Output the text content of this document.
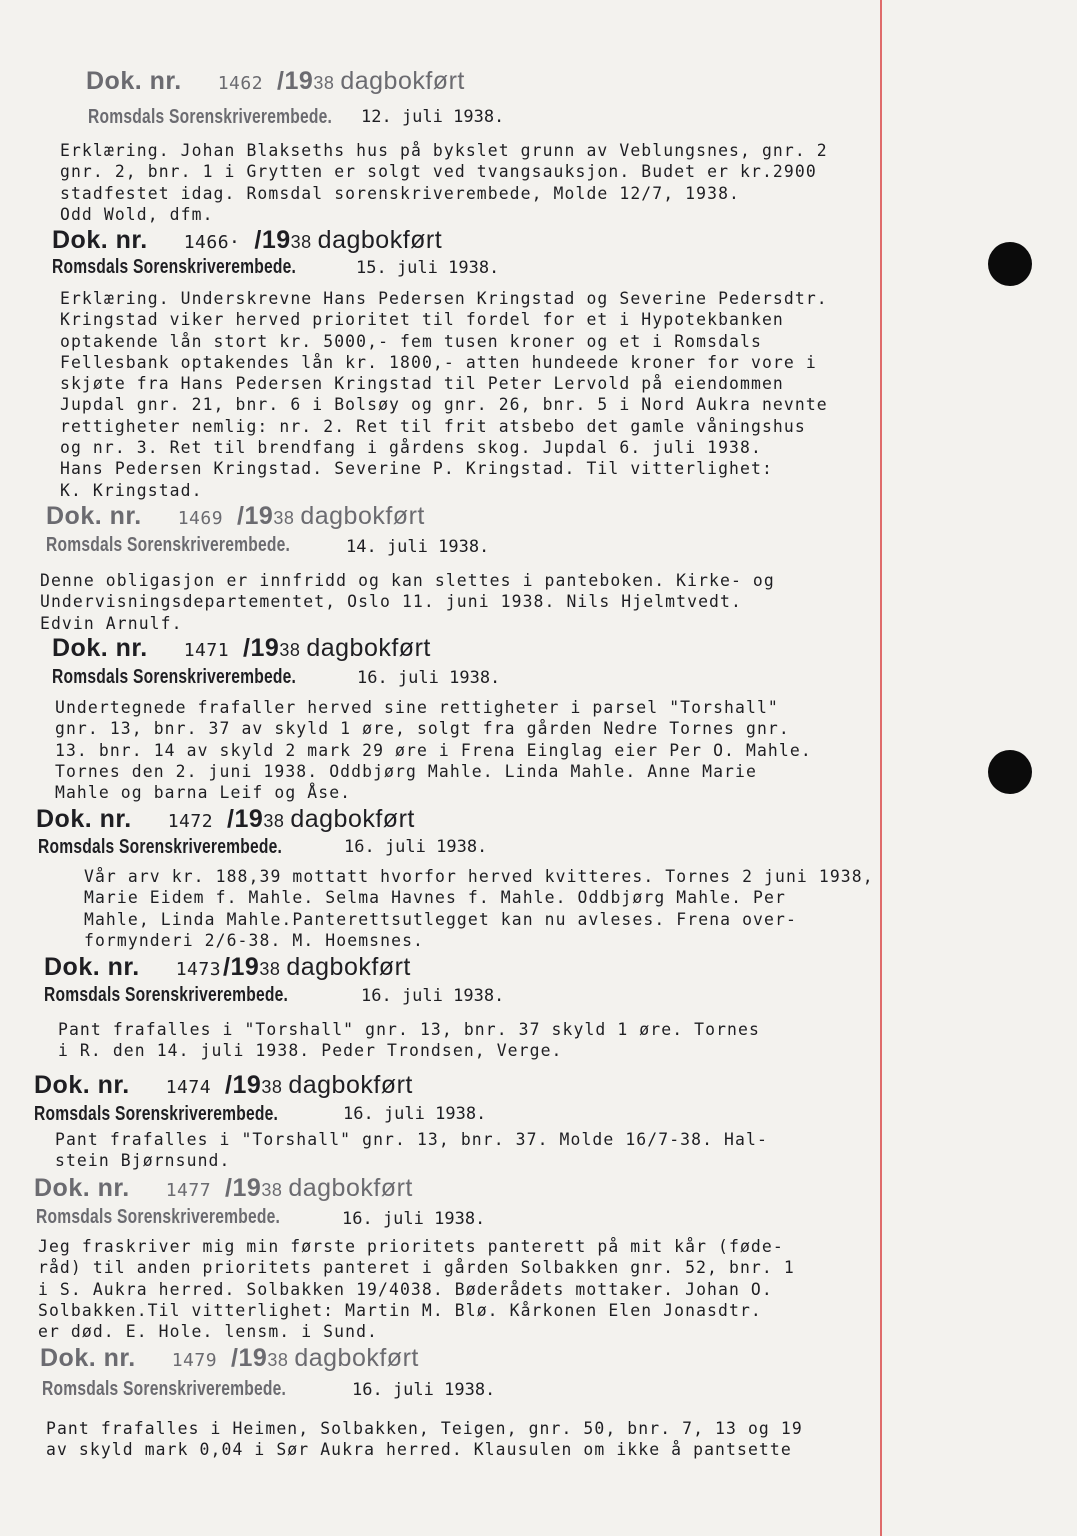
Dok. nr. 1462 /1938 dagbokført
Romsdals Sorenskriverembede.	12. juli 1938.
Erklæring. Johan Blakseths hus på bykslet grunn av Veblungsnes, gnr. 2
gnr. 2, bnr. 1 i Grytten er solgt ved tvangsauksjon. Budet er kr.2900
stadfestet idag. Romsdal sorenskriverembede, Molde 12/7, 1938.
Odd Wold, dfm.
Dok. nr. 1466· /1938 dagbokført
Romsdals Sorenskriverembede.	15. juli 1938.
Erklæring. Underskrevne Hans Pedersen Kringstad og Severine Pedersdtr.
Kringstad viker herved prioritet til fordel for et i Hypotekbanken
optakende lån stort kr. 5000,- fem tusen kroner og et i Romsdals
Fellesbank optakendes lån kr. 1800,- atten hundeede kroner for vore i
skjøte fra Hans Pedersen Kringstad til Peter Lervold på eiendommen
Jupdal gnr. 21, bnr. 6 i Bolsøy og gnr. 26, bnr. 5 i Nord Aukra nevnte
rettigheter nemlig: nr. 2. Ret til frit atsbebo det gamle våningshus
og nr. 3. Ret til brendfang i gårdens skog. Jupdal 6. juli 1938.
Hans Pedersen Kringstad. Severine P. Kringstad. Til vitterlighet:
K. Kringstad.
Dok. nr. 1469 /1938 dagbokført
Romsdals Sorenskriverembede.	14. juli 1938.
Denne obligasjon er innfridd og kan slettes i panteboken. Kirke- og
Undervisningsdepartementet, Oslo 11. juni 1938. Nils Hjelmtvedt.
Edvin Arnulf.
Dok. nr. 1471 /1938 dagbokført
Romsdals Sorenskriverembede.	16. juli 1938.
Undertegnede frafaller herved sine rettigheter i parsel "Torshall"
gnr. 13, bnr. 37 av skyld 1 øre, solgt fra gården Nedre Tornes gnr.
13. bnr. 14 av skyld 2 mark 29 øre i Frena Einglag eier Per O. Mahle.
Tornes den 2. juni 1938. Oddbjørg Mahle. Linda Mahle. Anne Marie
Mahle og barna Leif og Åse.
Dok. nr. 1472 /1938 dagbokført
Romsdals Sorenskriverembede.	16. juli 1938.
Vår arv kr. 188,39 mottatt hvorfor herved kvitteres. Tornes 2 juni 1938,
Marie Eidem f. Mahle. Selma Havnes f. Mahle. Oddbjørg Mahle. Per
Mahle, Linda Mahle.Panterettsutlegget kan nu avleses. Frena over-
formynderi 2/6-38. M. Hoemsnes.
Dok. nr. 1473/1938 dagbokført
Romsdals Sorenskriverembede.	16. juli 1938.
Pant frafalles i "Torshall" gnr. 13, bnr. 37 skyld 1 øre. Tornes
i R. den 14. juli 1938. Peder Trondsen, Verge.
Dok. nr. 1474 /1938 dagbokført
Romsdals Sorenskriverembede.	16. juli 1938.
Pant frafalles i "Torshall" gnr. 13, bnr. 37. Molde 16/7-38. Hal-
stein Bjørnsund.
Dok. nr. 1477 /1938 dagbokført
Romsdals Sorenskriverembede.	16. juli 1938.
Jeg fraskriver mig min første prioritets panterett på mit kår (føde-
råd) til anden prioritets panteret i gården Solbakken gnr. 52, bnr. 1
i S. Aukra herred. Solbakken 19/4038. Bøderådets mottaker. Johan O.
Solbakken.Til vitterlighet: Martin M. Blø. Kårkonen Elen Jonasdtr.
er død. E. Hole. lensm. i Sund.
Dok. nr. 1479 /1938 dagbokført
Romsdals Sorenskriverembede.	16. juli 1938.
Pant frafalles i Heimen, Solbakken, Teigen, gnr. 50, bnr. 7, 13 og 19
av skyld mark 0,04 i Sør Aukra herred. Klausulen om ikke å pantsette
